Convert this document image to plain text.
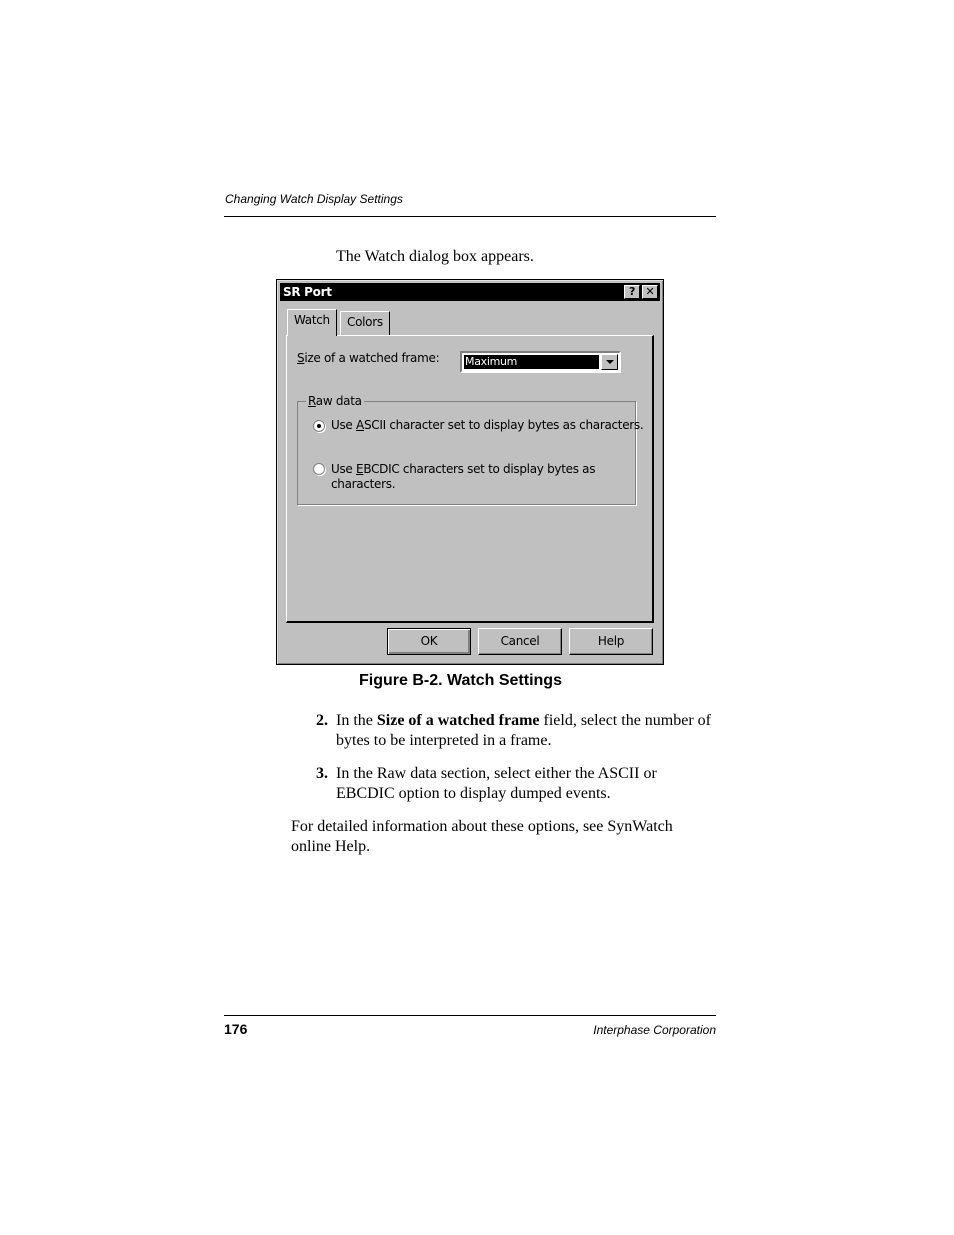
Changing Watch Display Settings
The Watch dialog box appears.
SR Port	? ✕
Watch	Colors
Size of a watched frame: Maximum
Raw data
Use ASCII character set to display bytes as characters.
Use EBCDIC characters set to display bytes as
characters.
OK	Cancel	Help
Figure B-2. Watch Settings
2. In the Size of a watched frame field, select the number of bytes to be interpreted in a frame.
3. In the Raw data section, select either the ASCII or EBCDIC option to display dumped events.
For detailed information about these options, see SynWatch online Help.
176	Interphase Corporation
